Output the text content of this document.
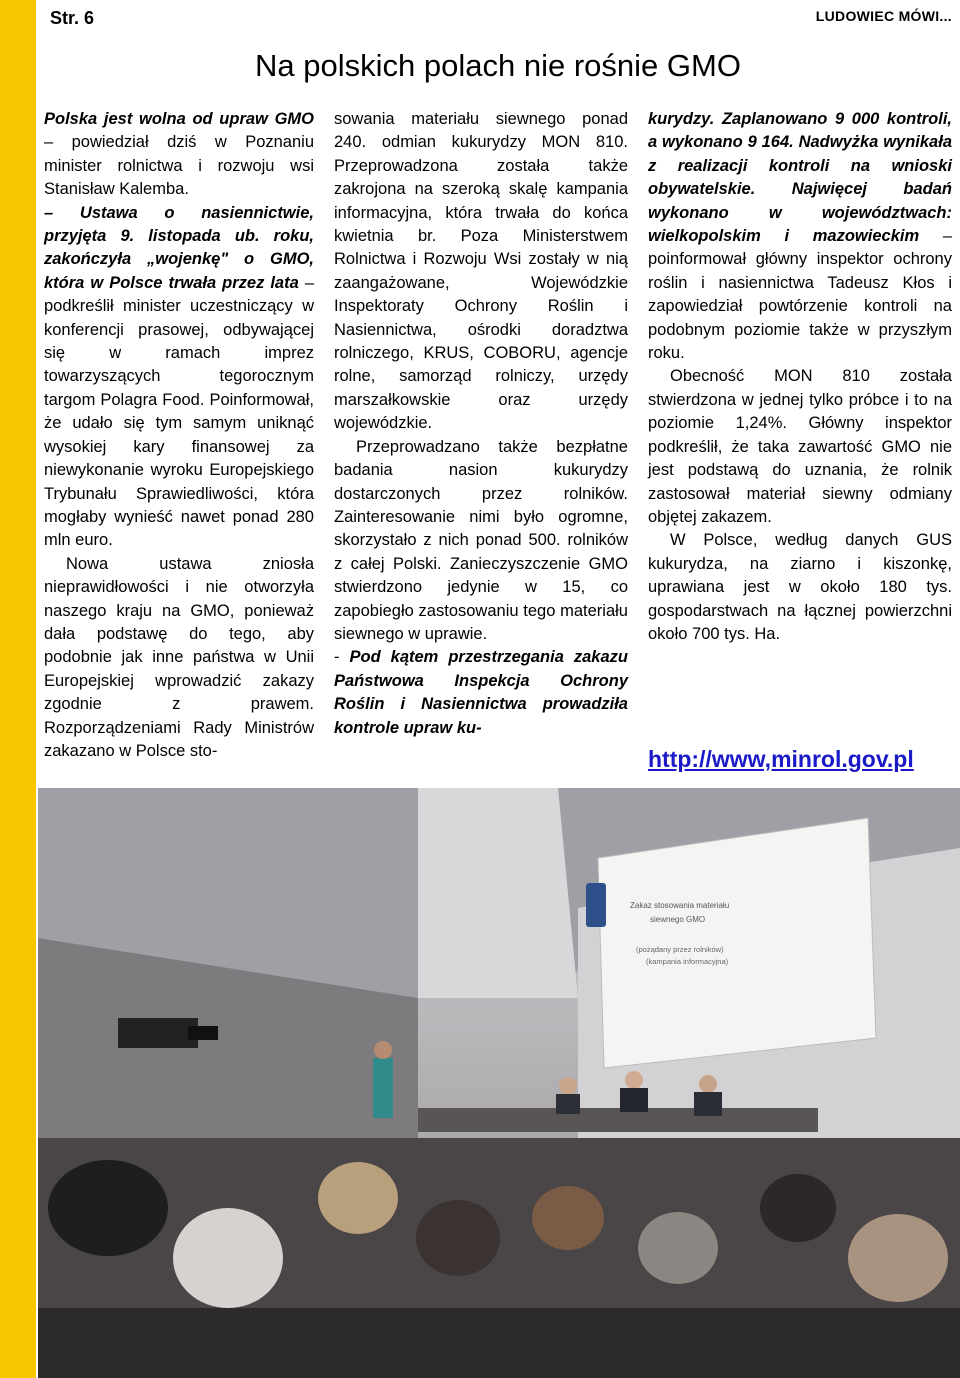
Str. 6	LUDOWIEC MÓWI...
Na polskich polach nie rośnie GMO

Polska jest wolna od upraw GMO – powiedział dziś w Poznaniu minister rolnictwa i rozwoju wsi Stanisław Kalemba.

– Ustawa o nasiennictwie, przyjęta 9. listopada ub. roku, zakończyła „wojenkę" o GMO, która w Polsce trwała przez lata – podkreślił minister uczestniczący w konferencji prasowej, odbywającej się w ramach imprez towarzyszących tegorocznym targom Polagra Food. Poinformował, że udało się tym samym uniknąć wysokiej kary finansowej za niewykonanie wyroku Europejskiego Trybunału Sprawiedliwości, która mogłaby wynieść nawet ponad 280 mln euro.

Nowa ustawa zniosła nieprawidłowości i nie otworzyła naszego kraju na GMO, ponieważ dała podstawę do tego, aby podobnie jak inne państwa w Unii Europejskiej wprowadzić zakazy zgodnie z prawem. Rozporządzeniami Rady Ministrów zakazano w Polsce sto-

sowania materiału siewnego ponad 240. odmian kukurydzy MON 810. Przeprowadzona została także zakrojona na szeroką skalę kampania informacyjna, która trwała do końca kwietnia br. Poza Ministerstwem Rolnictwa i Rozwoju Wsi zostały w nią zaangażowane, Wojewódzkie Inspektoraty Ochrony Roślin i Nasiennictwa, ośrodki doradztwa rolniczego, KRUS, COBORU, agencje rolne, samorząd rolniczy, urzędy marszałkowskie oraz urzędy wojewódzkie.

Przeprowadzano także bezpłatne badania nasion kukurydzy dostarczonych przez rolników. Zainteresowanie nimi było ogromne, skorzystało z nich ponad 500. rolników z całej Polski. Zanieczyszczenie GMO stwierdzono jedynie w 15, co zapobiegło zastosowaniu tego materiału siewnego w uprawie.

- Pod kątem przestrzegania zakazu Państwowa Inspekcja Ochrony Roślin i Nasiennictwa prowadziła kontrole upraw ku-

kurydzy. Zaplanowano 9 000 kontroli, a wykonano 9 164. Nadwyżka wynikała z realizacji kontroli na wnioski obywatelskie. Najwięcej badań wykonano w województwach: wielkopolskim i mazowieckim – poinformował główny inspektor ochrony roślin i nasiennictwa Tadeusz Kłos i zapowiedział powtórzenie kontroli na podobnym poziomie także w przyszłym roku.

Obecność MON 810 została stwierdzona w jednej tylko próbce i to na poziomie 1,24%. Główny inspektor podkreślił, że taka zawartość GMO nie jest podstawą do uznania, że rolnik zastosował materiał siewny odmiany objętej zakazem.

W Polsce, według danych GUS kukurydza, na ziarno i kiszonkę, uprawiana jest w około 180 tys. gospodarstwach na łącznej powierzchni około 700 tys. Ha.

http://www,minrol.gov.pl
Zakaz stosowania materiału
siewnego GMO
(pożądany przez rolników)
(kampania informacyjna)
